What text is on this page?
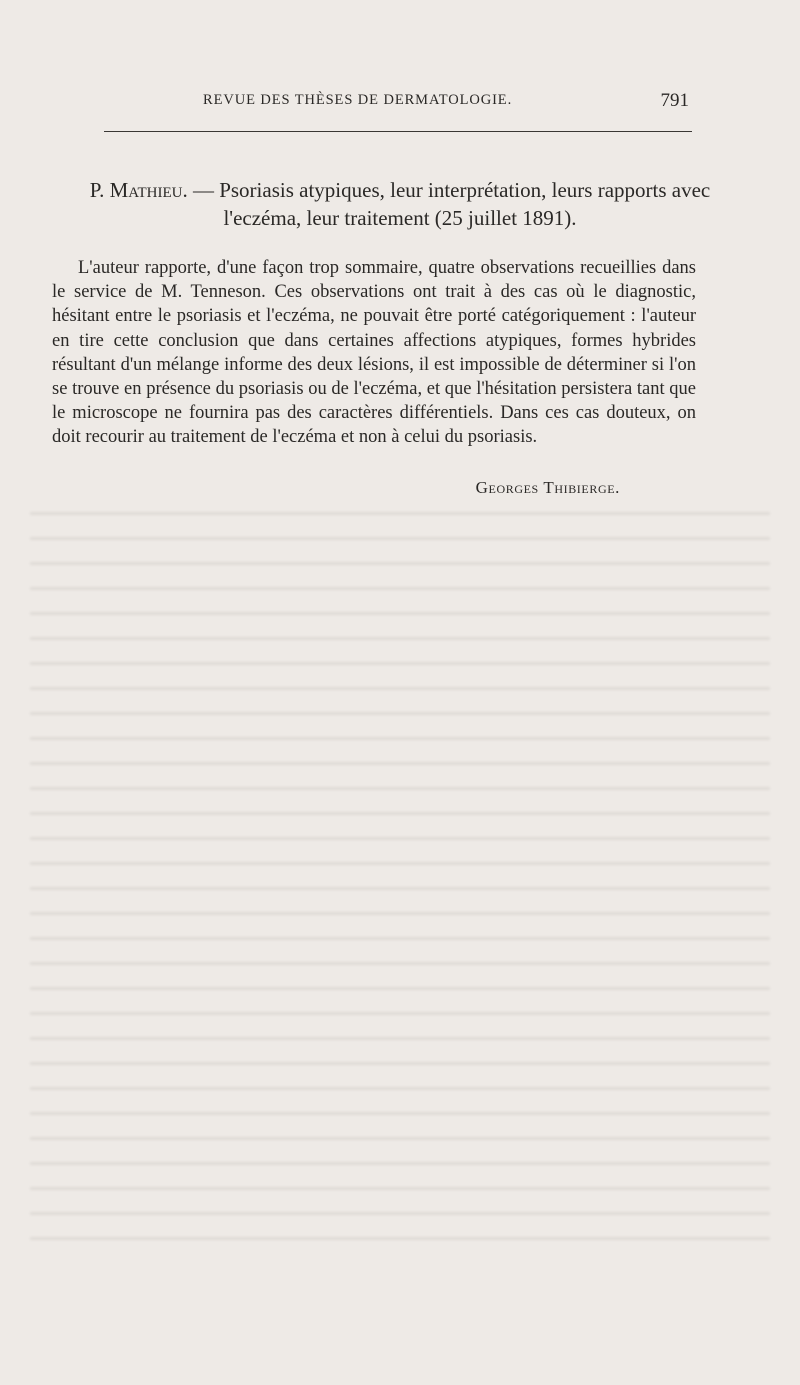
REVUE DES THÈSES DE DERMATOLOGIE.	791
P. Mathieu. — Psoriasis atypiques, leur interprétation, leurs rapports avec l'eczéma, leur traitement (25 juillet 1891).

L'auteur rapporte, d'une façon trop sommaire, quatre observations recueillies dans le service de M. Tenneson. Ces observations ont trait à des cas où le diagnostic, hésitant entre le psoriasis et l'eczéma, ne pouvait être porté catégoriquement : l'auteur en tire cette conclusion que dans certaines affections atypiques, formes hybrides résultant d'un mélange informe des deux lésions, il est impossible de déterminer si l'on se trouve en présence du psoriasis ou de l'eczéma, et que l'hésitation persistera tant que le microscope ne fournira pas des caractères différentiels. Dans ces cas douteux, on doit recourir au traitement de l'eczéma et non à celui du psoriasis.

Georges Thibierge.
